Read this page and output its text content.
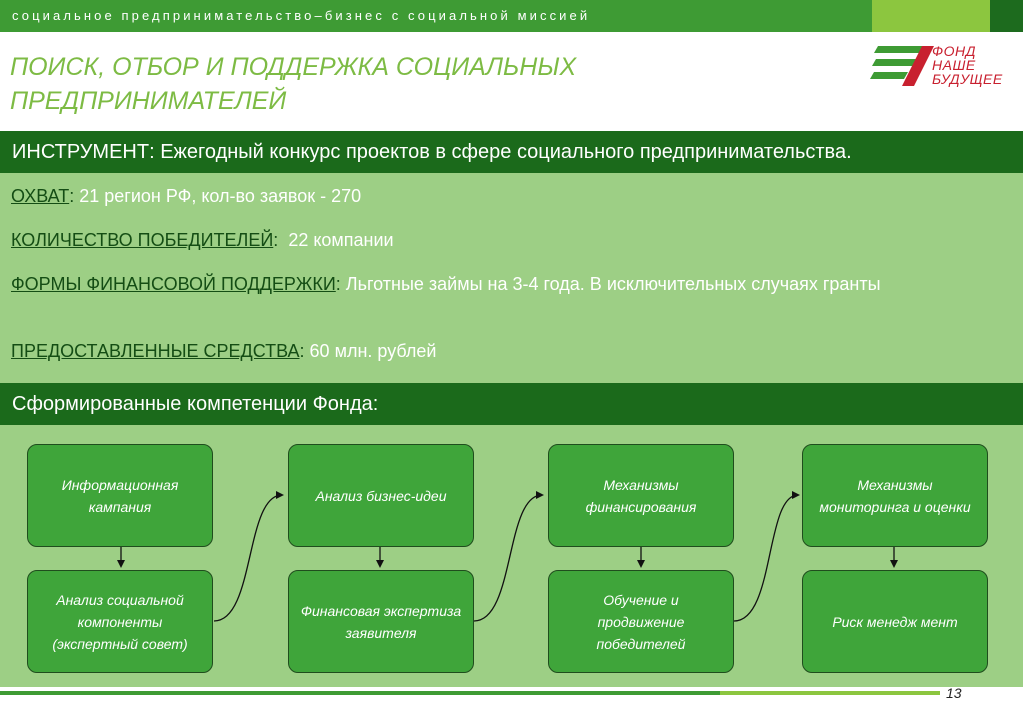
социальное предпринимательство–бизнес с социальной миссией
ПОИСК, ОТБОР И ПОДДЕРЖКА СОЦИАЛЬНЫХ
ПРЕДПРИНИМАТЕЛЕЙ
ФОНД
НАШЕ
БУДУЩЕЕ
ИНСТРУМЕНТ: Ежегодный конкурс проектов в сфере социального предпринимательства.
ОХВАТ: 21 регион РФ, кол-во заявок - 270
КОЛИЧЕСТВО ПОБЕДИТЕЛЕЙ:  22 компании
ФОРМЫ ФИНАНСОВОЙ ПОДДЕРЖКИ: Льготные займы на 3-4 года. В исключительных случаях гранты
ПРЕДОСТАВЛЕННЫЕ СРЕДСТВА: 60 млн. рублей
Сформированные компетенции Фонда:
Информационная кампания
Анализ социальной компоненты (экспертный совет)
Анализ бизнес-идеи
Финансовая экспертиза заявителя
Механизмы финансирования
Обучение и продвижение победителей
Механизмы мониторинга и оценки
Риск менедж мент
13
